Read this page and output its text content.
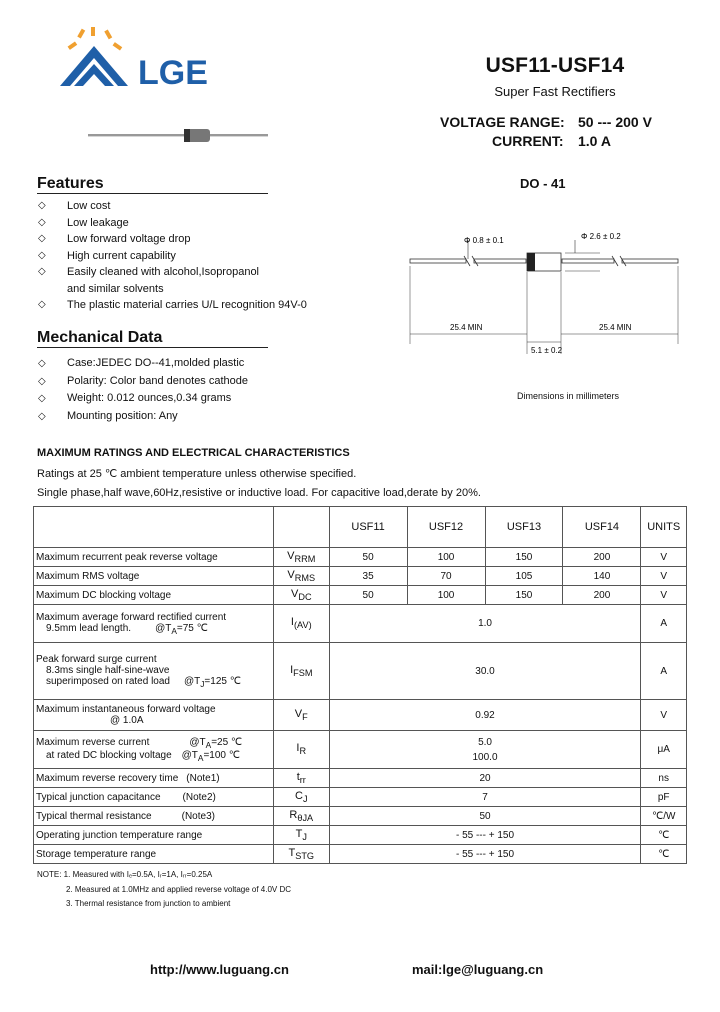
LGE	USF11-USF14
Super Fast Rectifiers
VOLTAGE RANGE: 50 --- 200 V
CURRENT: 1.0 A
Features
◇	Low cost
◇	Low leakage
◇	Low forward voltage drop
◇	High current capability
◇	Easily cleaned with alcohol,Isopropanol
and similar solvents
◇	The plastic material carries U/L recognition 94V-0
Mechanical Data
◇	Case:JEDEC DO--41,molded plastic
◇	Polarity: Color band denotes cathode
◇	Weight: 0.012 ounces,0.34 grams
◇	Mounting position: Any
DO - 41
Φ 0.8 ± 0.1	Φ 2.6 ± 0.2
25.4 MIN	25.4 MIN
5.1 ± 0.2
Dimensions in millimeters
MAXIMUM RATINGS AND ELECTRICAL CHARACTERISTICS
Ratings at 25 ℃ ambient temperature unless otherwise specified.
Single phase,half wave,60Hz,resistive or inductive load. For capacitive load,derate by 20%.
		USF11	USF12	USF13	USF14	UNITS
Maximum recurrent peak reverse voltage	$V_{RRM}$	50	100	150	200	V
Maximum RMS voltage	$V_{RMS}$	35	70	105	140	V
Maximum DC blocking voltage	$V_{DC}$	50	100	150	200	V

Maximum average forward rectified current
9.5mm lead length. $@T_A=75$ ℃	$I_{(AV)}$	1.0				A

Peak forward surge current
8.3ms single half-sine-wave
superimposed on rated load $@T_J=125$ ℃	$I_{FSM}$	30.0				A

Maximum instantaneous forward voltage
@ 1.0A	$V_F$	0.92				V

Maximum reverse current $@T_A=25$ ℃
at rated DC blocking voltage $@T_A=100$ ℃	$I_R$	5.0
100.0				μA
Maximum reverse recovery time (Note1)	$t_{rr}$	20				ns
Typical junction capacitance (Note2)	$C_J$	7				pF
Typical thermal resistance (Note3)	$R_{\theta JA}$	50				℃/W
Operating junction temperature range	$T_J$	- 55 --- + 150				℃
Storage temperature range	$T_{STG}$	- 55 --- + 150				℃
NOTE: 1. Measured with Iₑ=0.5A, Iᵣ=1A, Iᵣᵣ=0.25A
2. Measured at 1.0MHz and applied reverse voltage of 4.0V DC
3. Thermal resistance from junction to ambient
http://www.luguang.cn	mail:lge@luguang.cn
